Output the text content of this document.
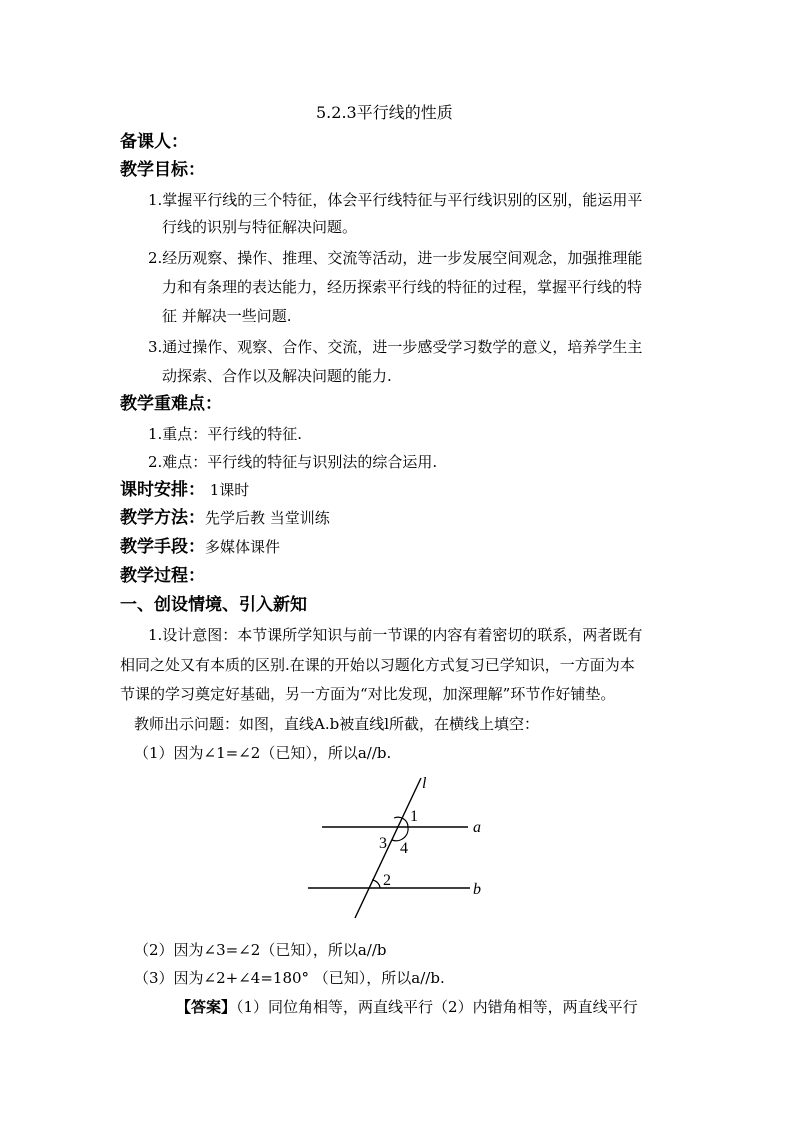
5.2.3平行线的性质
备课人：
教学目标：
1.掌握平行线的三个特征，体会平行线特征与平行线识别的区别，能运用平
行线的识别与特征解决问题。
2.经历观察、操作、推理、交流等活动，进一步发展空间观念，加强推理能
力和有条理的表达能力，经历探索平行线的特征的过程，掌握平行线的特
征 并解决一些问题.
3.通过操作、观察、合作、交流，进一步感受学习数学的意义，培养学生主
动探索、合作以及解决问题的能力.
教学重难点：
1.重点：平行线的特征.
2.难点：平行线的特征与识别法的综合运用.
课时安排： 1课时
教学方法：先学后教 当堂训练
教学手段：多媒体课件
教学过程：
一、创设情境、引入新知
1.设计意图：本节课所学知识与前一节课的内容有着密切的联系，两者既有
相同之处又有本质的区别.在课的开始以习题化方式复习已学知识，一方面为本
节课的学习奠定好基础，另一方面为“对比发现，加深理解”环节作好铺垫。
教师出示问题：如图，直线A.b被直线l所截，在横线上填空：
（1）因为∠1=∠2（已知），所以a//b.
l
a
b
1
3 4
2
（2）因为∠3=∠2（已知），所以a//b
（3）因为∠2+∠4=180° （已知），所以a//b.
【答案】（1）同位角相等，两直线平行（2）内错角相等，两直线平行
